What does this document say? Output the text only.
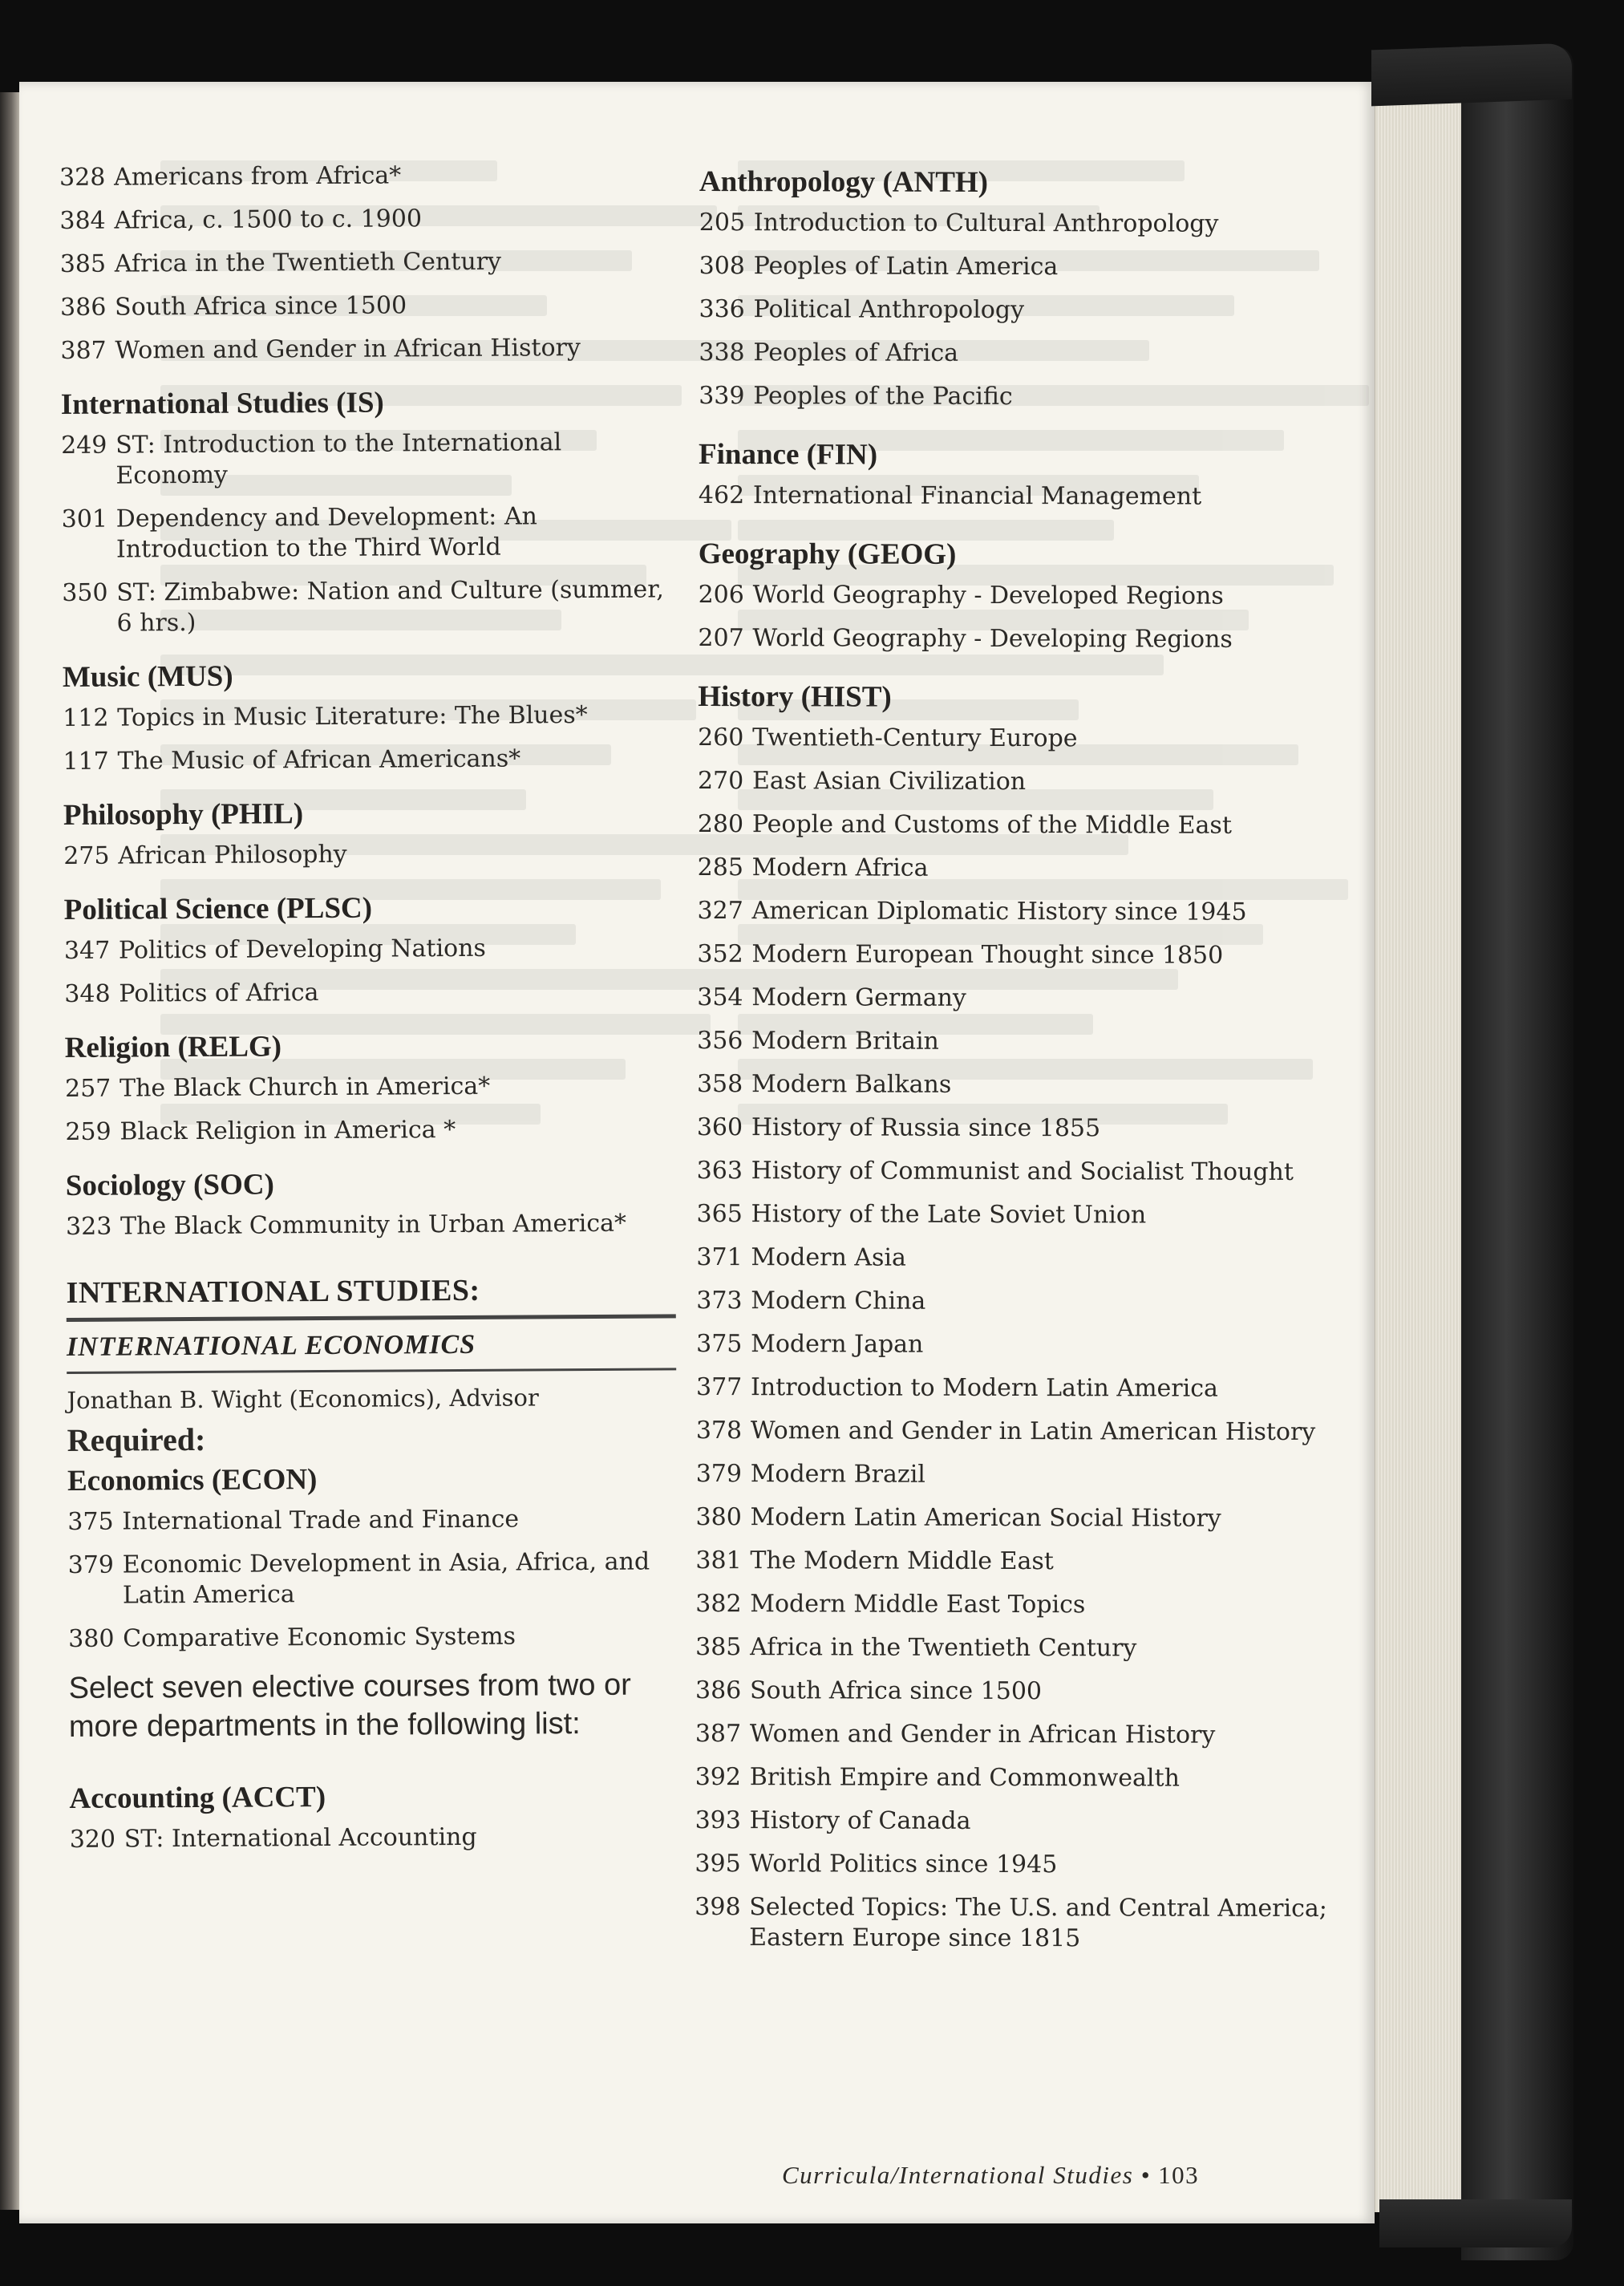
328 Americans from Africa*
384 Africa, c. 1500 to c. 1900
385 Africa in the Twentieth Century
386 South Africa since 1500
387 Women and Gender in African History
International Studies (IS)
249 ST: Introduction to the International Economy
301 Dependency and Development: An Introduction to the Third World
350 ST: Zimbabwe: Nation and Culture (summer, 6 hrs.)
Music (MUS)
112 Topics in Music Literature: The Blues*
117 The Music of African Americans*
Philosophy (PHIL)
275 African Philosophy
Political Science (PLSC)
347 Politics of Developing Nations
348 Politics of Africa
Religion (RELG)
257 The Black Church in America*
259 Black Religion in America *
Sociology (SOC)
323 The Black Community in Urban America*
INTERNATIONAL STUDIES:
INTERNATIONAL ECONOMICS
Jonathan B. Wight (Economics), Advisor
Required:
Economics (ECON)
375 International Trade and Finance
379 Economic Development in Asia, Africa, and Latin America
380 Comparative Economic Systems
Select seven elective courses from two or more departments in the following list:
Accounting (ACCT)
320 ST: International Accounting
Anthropology (ANTH)
205 Introduction to Cultural Anthropology
308 Peoples of Latin America
336 Political Anthropology
338 Peoples of Africa
339 Peoples of the Pacific
Finance (FIN)
462 International Financial Management
Geography (GEOG)
206 World Geography - Developed Regions
207 World Geography - Developing Regions
History (HIST)
260 Twentieth-Century Europe
270 East Asian Civilization
280 People and Customs of the Middle East
285 Modern Africa
327 American Diplomatic History since 1945
352 Modern European Thought since 1850
354 Modern Germany
356 Modern Britain
358 Modern Balkans
360 History of Russia since 1855
363 History of Communist and Socialist Thought
365 History of the Late Soviet Union
371 Modern Asia
373 Modern China
375 Modern Japan
377 Introduction to Modern Latin America
378 Women and Gender in Latin American History
379 Modern Brazil
380 Modern Latin American Social History
381 The Modern Middle East
382 Modern Middle East Topics
385 Africa in the Twentieth Century
386 South Africa since 1500
387 Women and Gender in African History
392 British Empire and Commonwealth
393 History of Canada
395 World Politics since 1945
398 Selected Topics: The U.S. and Central America; Eastern Europe since 1815
Curricula/International Studies • 103
